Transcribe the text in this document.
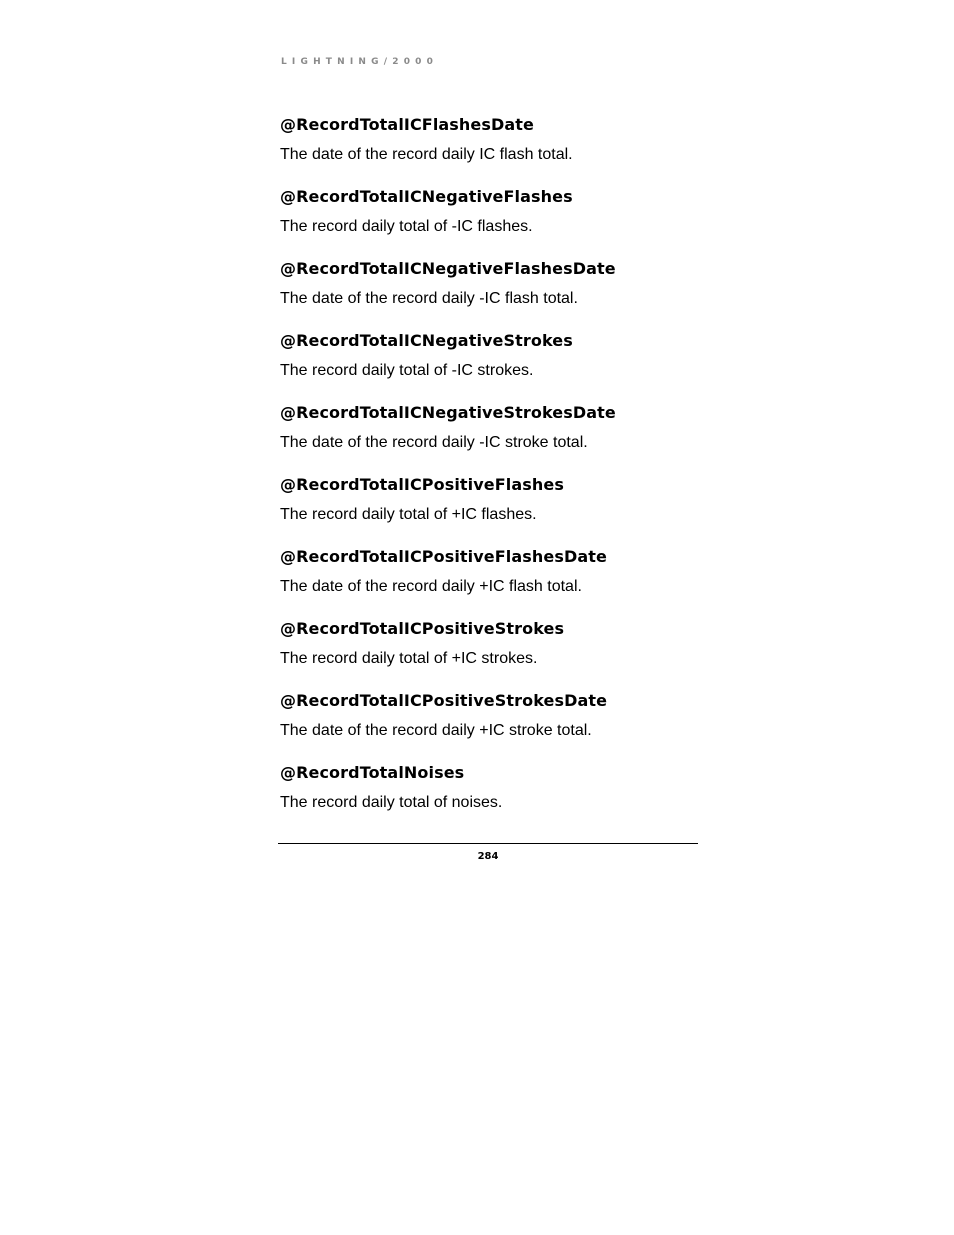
LIGHTNING/2000
@RecordTotalICFlashesDate
The date of the record daily IC flash total.
@RecordTotalICNegativeFlashes
The record daily total of -IC flashes.
@RecordTotalICNegativeFlashesDate
The date of the record daily -IC flash total.
@RecordTotalICNegativeStrokes
The record daily total of -IC strokes.
@RecordTotalICNegativeStrokesDate
The date of the record daily -IC stroke total.
@RecordTotalICPositiveFlashes
The record daily total of +IC flashes.
@RecordTotalICPositiveFlashesDate
The date of the record daily +IC flash total.
@RecordTotalICPositiveStrokes
The record daily total of +IC strokes.
@RecordTotalICPositiveStrokesDate
The date of the record daily +IC stroke total.
@RecordTotalNoises
The record daily total of noises.
284
